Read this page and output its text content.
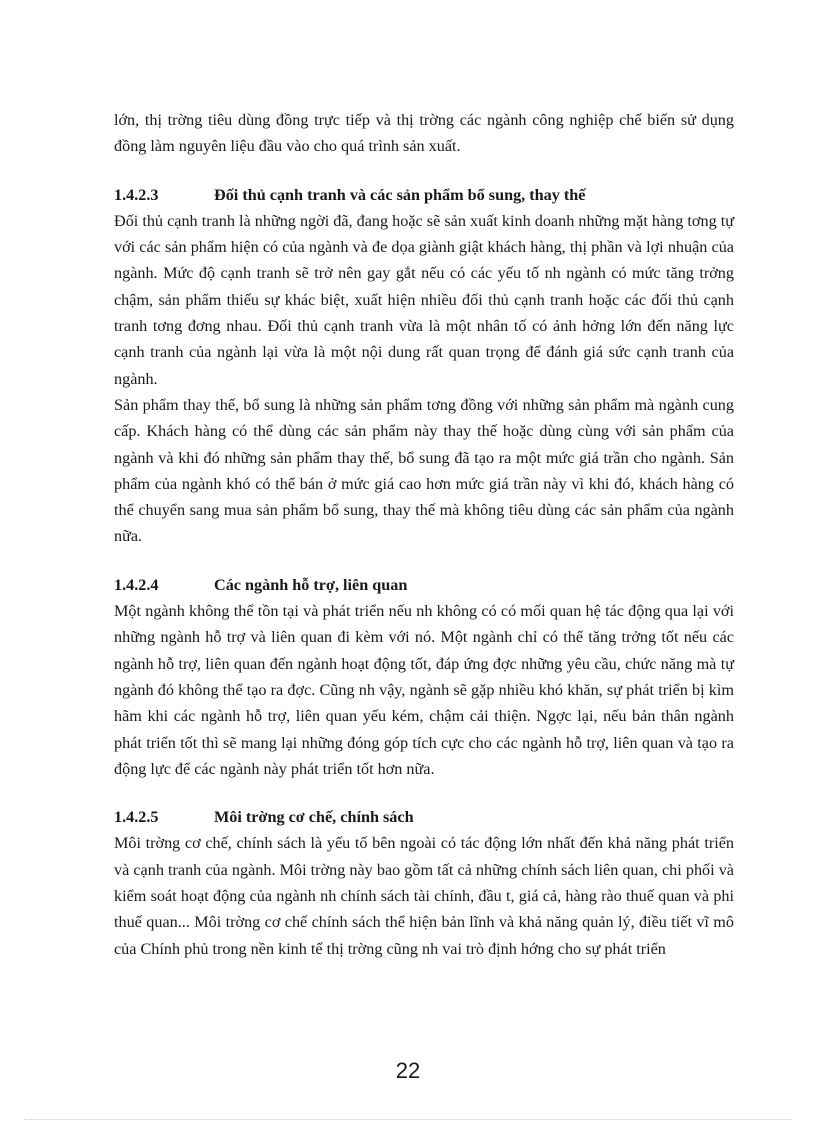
lớn, thị trờng tiêu dùng đồng trực tiếp và thị trờng các ngành công nghiệp chế biến sử dụng đồng làm nguyên liệu đầu vào cho quá trình sản xuất.

1.4.2.3	Đối thủ cạnh tranh và các sản phẩm bổ sung, thay thế

Đối thủ cạnh tranh là những ngời đã, đang hoặc sẽ sản xuất kinh doanh những mặt hàng tơng tự với các sản phẩm hiện có của ngành và đe dọa giành giật khách hàng, thị phần và lợi nhuận của ngành. Mức độ cạnh tranh sẽ trở nên gay gắt nếu có các yếu tố nh ngành có mức tăng trởng chậm, sản phẩm thiếu sự khác biệt, xuất hiện nhiều đối thủ cạnh tranh hoặc các đối thủ cạnh tranh tơng đơng nhau. Đối thủ cạnh tranh vừa là một nhân tố có ảnh hởng lớn đến năng lực cạnh tranh của ngành lại vừa là một nội dung rất quan trọng để đánh giá sức cạnh tranh của ngành.

Sản phẩm thay thế, bổ sung là những sản phẩm tơng đồng với những sản phẩm mà ngành cung cấp. Khách hàng có thể dùng các sản phẩm này thay thế hoặc dùng cùng với sản phẩm của ngành và khi đó những sản phẩm thay thế, bổ sung đã tạo ra một mức giá trần cho ngành. Sản phẩm của ngành khó có thể bán ở mức giá cao hơn mức giá trần này vì khi đó, khách hàng có thể chuyển sang mua sản phẩm bổ sung, thay thế mà không tiêu dùng các sản phẩm của ngành nữa.

1.4.2.4	Các ngành hỗ trợ, liên quan

Một ngành không thể tồn tại và phát triển nếu nh không có có mối quan hệ tác động qua lại với những ngành hỗ trợ và liên quan đi kèm với nó. Một ngành chỉ có thể tăng trởng tốt nếu các ngành hỗ trợ, liên quan đến ngành hoạt động tốt, đáp ứng đợc những yêu cầu, chức năng mà tự ngành đó không thể tạo ra đợc. Cũng nh vậy, ngành sẽ gặp nhiều khó khăn, sự phát triển bị kìm hãm khi các ngành hỗ trợ, liên quan yếu kém, chậm cải thiện. Ngợc lại, nếu bản thân ngành phát triển tốt thì sẽ mang lại những đóng góp tích cực cho các ngành hỗ trợ, liên quan và tạo ra động lực để các ngành này phát triển tốt hơn nữa.

1.4.2.5	Môi trờng cơ chế, chính sách

Môi trờng cơ chế, chính sách là yếu tố bên ngoài có tác động lớn nhất đến khả năng phát triển và cạnh tranh của ngành. Môi trờng này bao gồm tất cả những chính sách liên quan, chi phối và kiểm soát hoạt động của ngành nh chính sách tài chính, đầu t, giá cả, hàng rào thuế quan và phi thuế quan... Môi trờng cơ chế chính sách thể hiện bản lĩnh và khả năng quản lý, điều tiết vĩ mô của Chính phủ trong nền kinh tế thị trờng cũng nh vai trò định hớng cho sự phát triển

22
